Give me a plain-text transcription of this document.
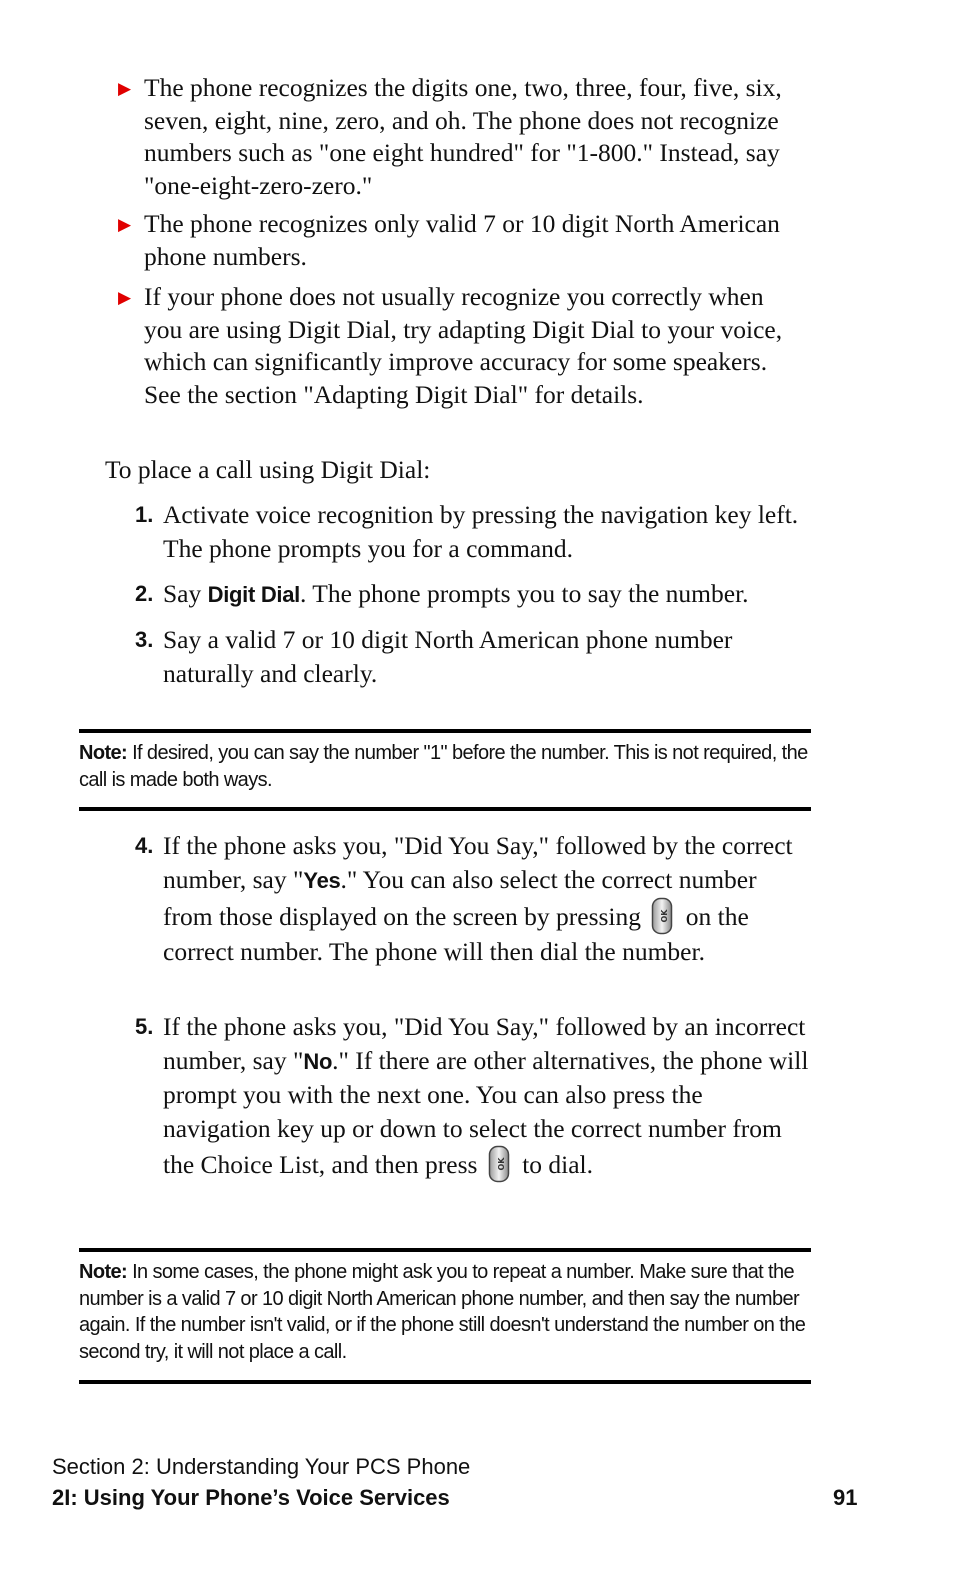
▶ The phone recognizes the digits one, two, three, four, five, six, seven, eight, nine, zero, and oh. The phone does not recognize numbers such as "one eight hundred" for "1-800." Instead, say "one-eight-zero-zero."
▶ The phone recognizes only valid 7 or 10 digit North American phone numbers.
▶ If your phone does not usually recognize you correctly when you are using Digit Dial, try adapting Digit Dial to your voice, which can significantly improve accuracy for some speakers. See the section "Adapting Digit Dial" for details.
To place a call using Digit Dial:
1. Activate voice recognition by pressing the navigation key left. The phone prompts you for a command.
2. Say Digit Dial. The phone prompts you to say the number.
3. Say a valid 7 or 10 digit North American phone number naturally and clearly.
Note: If desired, you can say the number "1" before the number. This is not required, the call is made both ways.
4. If the phone asks you, "Did You Say," followed by the correct number, say "Yes." You can also select the correct number from those displayed on the screen by pressing OK on the correct number. The phone will then dial the number.
5. If the phone asks you, "Did You Say," followed by an incorrect number, say "No." If there are other alternatives, the phone will prompt you with the next one. You can also press the navigation key up or down to select the correct number from the Choice List, and then press OK to dial.
Note: In some cases, the phone might ask you to repeat a number. Make sure that the number is a valid 7 or 10 digit North American phone number, and then say the number again. If the number isn't valid, or if the phone still doesn't understand the number on the second try, it will not place a call.
Section 2: Understanding Your PCS Phone
2I: Using Your Phone’s Voice Services	91
